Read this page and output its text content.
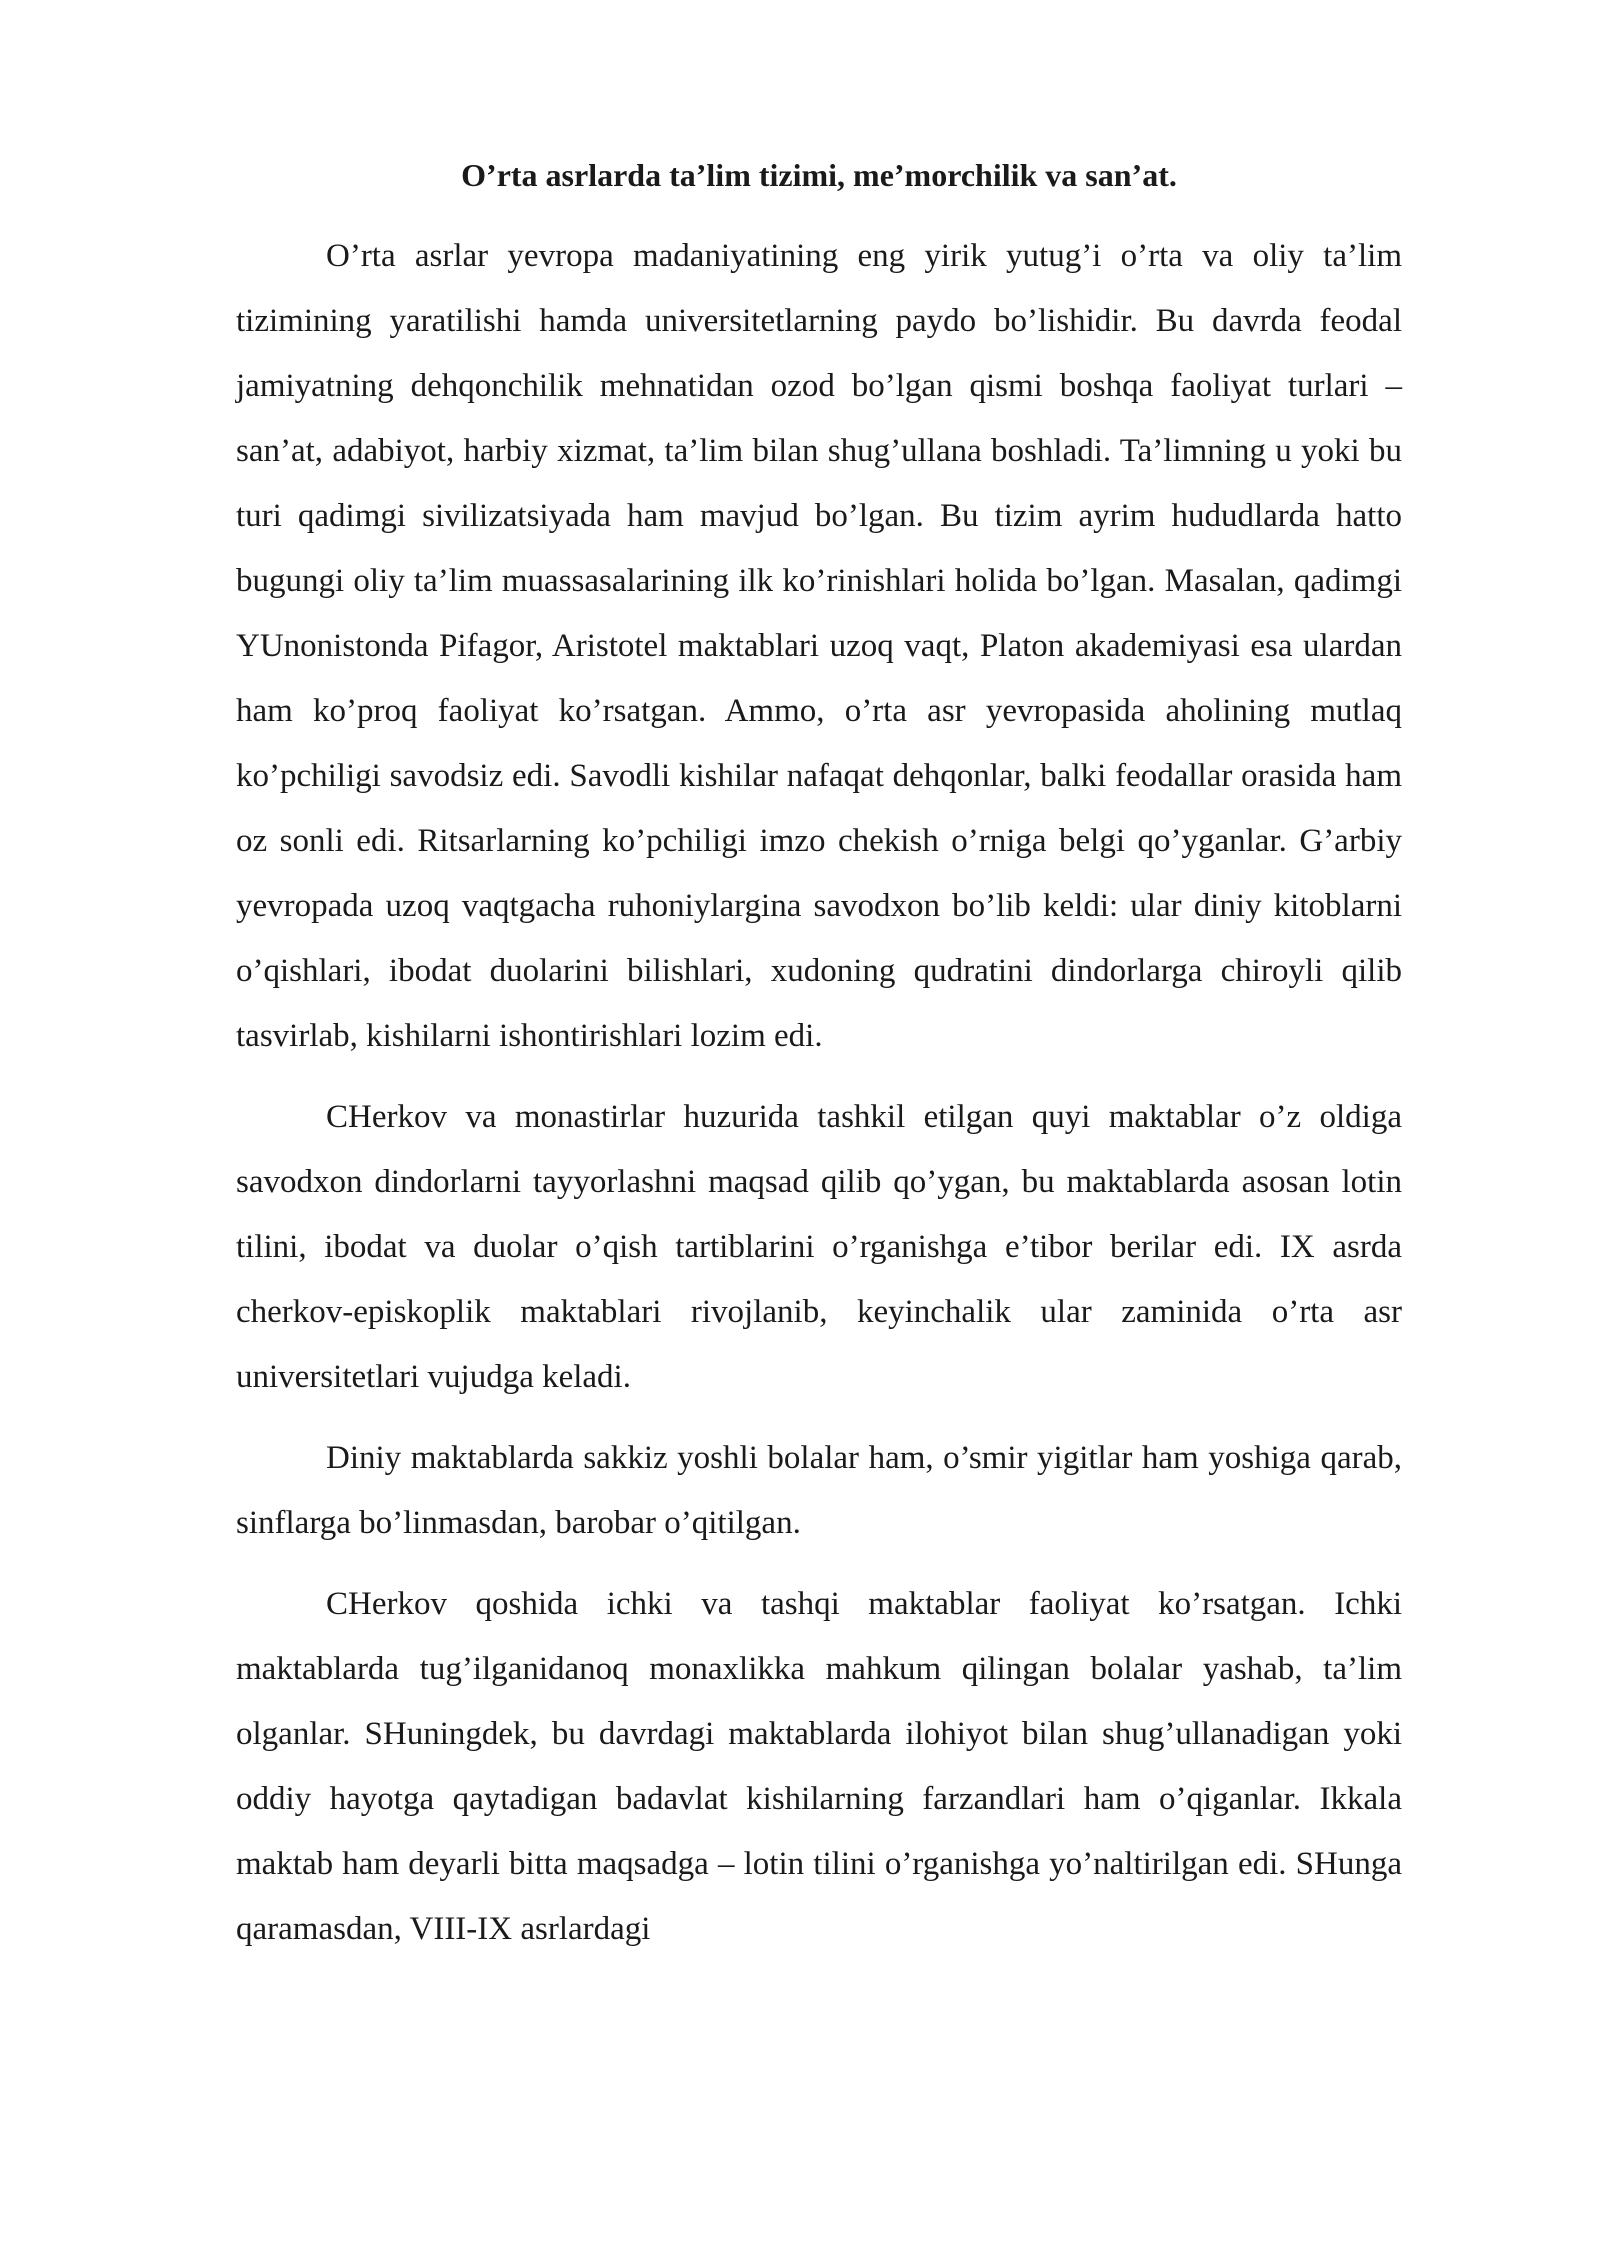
O’rta asrlarda ta’lim tizimi, me’morchilik va san’at.

O’rta asrlar yevropa madaniyatining eng yirik yutug’i o’rta va oliy ta’lim tizimining yaratilishi hamda universitetlarning paydo bo’lishidir. Bu davrda feodal jamiyatning dehqonchilik mehnatidan ozod bo’lgan qismi boshqa faoliyat turlari – san’at, adabiyot, harbiy xizmat, ta’lim bilan shug’ullana boshladi. Ta’limning u yoki bu turi qadimgi sivilizatsiyada ham mavjud bo’lgan. Bu tizim ayrim hududlarda hatto bugungi oliy ta’lim muassasalarining ilk ko’rinishlari holida bo’lgan. Masalan, qadimgi YUnonistonda Pifagor, Aristotel maktablari uzoq vaqt, Platon akademiyasi esa ulardan ham ko’proq faoliyat ko’rsatgan. Ammo, o’rta asr yevropasida aholining mutlaq ko’pchiligi savodsiz edi. Savodli kishilar nafaqat dehqonlar, balki feodallar orasida ham oz sonli edi. Ritsarlarning ko’pchiligi imzo chekish o’rniga belgi qo’yganlar. G’arbiy yevropada uzoq vaqtgacha ruhoniylargina savodxon bo’lib keldi: ular diniy kitoblarni o’qishlari, ibodat duolarini bilishlari, xudoning qudratini dindorlarga chiroyli qilib tasvirlab, kishilarni ishontirishlari lozim edi.

CHerkov va monastirlar huzurida tashkil etilgan quyi maktablar o’z oldiga savodxon dindorlarni tayyorlashni maqsad qilib qo’ygan, bu maktablarda asosan lotin tilini, ibodat va duolar o’qish tartiblarini o’rganishga e’tibor berilar edi. IX asrda cherkov-episkoplik maktablari rivojlanib, keyinchalik ular zaminida o’rta asr universitetlari vujudga keladi.

Diniy maktablarda sakkiz yoshli bolalar ham, o’smir yigitlar ham yoshiga qarab, sinflarga bo’linmasdan, barobar o’qitilgan.

CHerkov qoshida ichki va tashqi maktablar faoliyat ko’rsatgan. Ichki maktablarda tug’ilganidanoq monaxlikka mahkum qilingan bolalar yashab, ta’lim olganlar. SHuningdek, bu davrdagi maktablarda ilohiyot bilan shug’ullanadigan yoki oddiy hayotga qaytadigan badavlat kishilarning farzandlari ham o’qiganlar. Ikkala maktab ham deyarli bitta maqsadga – lotin tilini o’rganishga yo’naltirilgan edi. SHunga qaramasdan, VIII-IX asrlardagi
